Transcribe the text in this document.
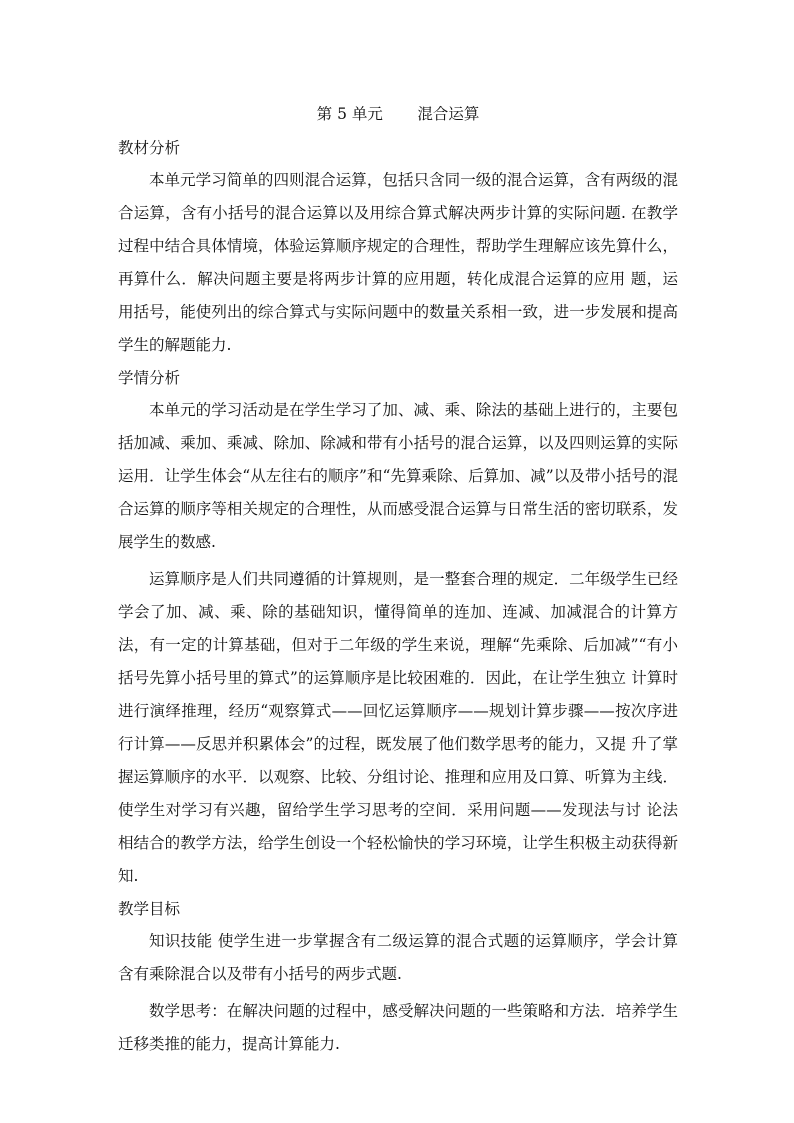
第 5 单元       混合运算
教材分析

本单元学习简单的四则混合运算，包括只含同一级的混合运算，含有两级的混合运算，含有小括号的混合运算以及用综合算式解决两步计算的实际问题. 在教学过程中结合具体情境，体验运算顺序规定的合理性，帮助学生理解应该先算什么，再算什么．解决问题主要是将两步计算的应用题，转化成混合运算的应用 题，运用括号，能使列出的综合算式与实际问题中的数量关系相一致，进一步发展和提高学生的解题能力.

学情分析

本单元的学习活动是在学生学习了加、减、乘、除法的基础上进行的，主要包括加减、乘加、乘减、除加、除减和带有小括号的混合运算，以及四则运算的实际运用．让学生体会“从左往右的顺序”和“先算乘除、后算加、减”以及带小括号的混合运算的顺序等相关规定的合理性，从而感受混合运算与日常生活的密切联系，发展学生的数感.

运算顺序是人们共同遵循的计算规则，是一整套合理的规定．二年级学生已经学会了加、减、乘、除的基础知识，懂得简单的连加、连减、加减混合的计算方法，有一定的计算基础，但对于二年级的学生来说，理解“先乘除、后加减”“有小括号先算小括号里的算式”的运算顺序是比较困难的．因此，在让学生独立 计算时进行演绎推理，经历“观察算式——回忆运算顺序——规划计算步骤——按次序进行计算——反思并积累体会”的过程，既发展了他们数学思考的能力，又提 升了掌握运算顺序的水平．以观察、比较、分组讨论、推理和应用及口算、听算为主线．使学生对学习有兴趣，留给学生学习思考的空间．采用问题——发现法与讨 论法相结合的教学方法，给学生创设一个轻松愉快的学习环境，让学生积极主动获得新知.

教学目标

知识技能 使学生进一步掌握含有二级运算的混合式题的运算顺序，学会计算含有乘除混合以及带有小括号的两步式题.

数学思考：在解决问题的过程中，感受解决问题的一些策略和方法．培养学生迁移类推的能力，提高计算能力.
